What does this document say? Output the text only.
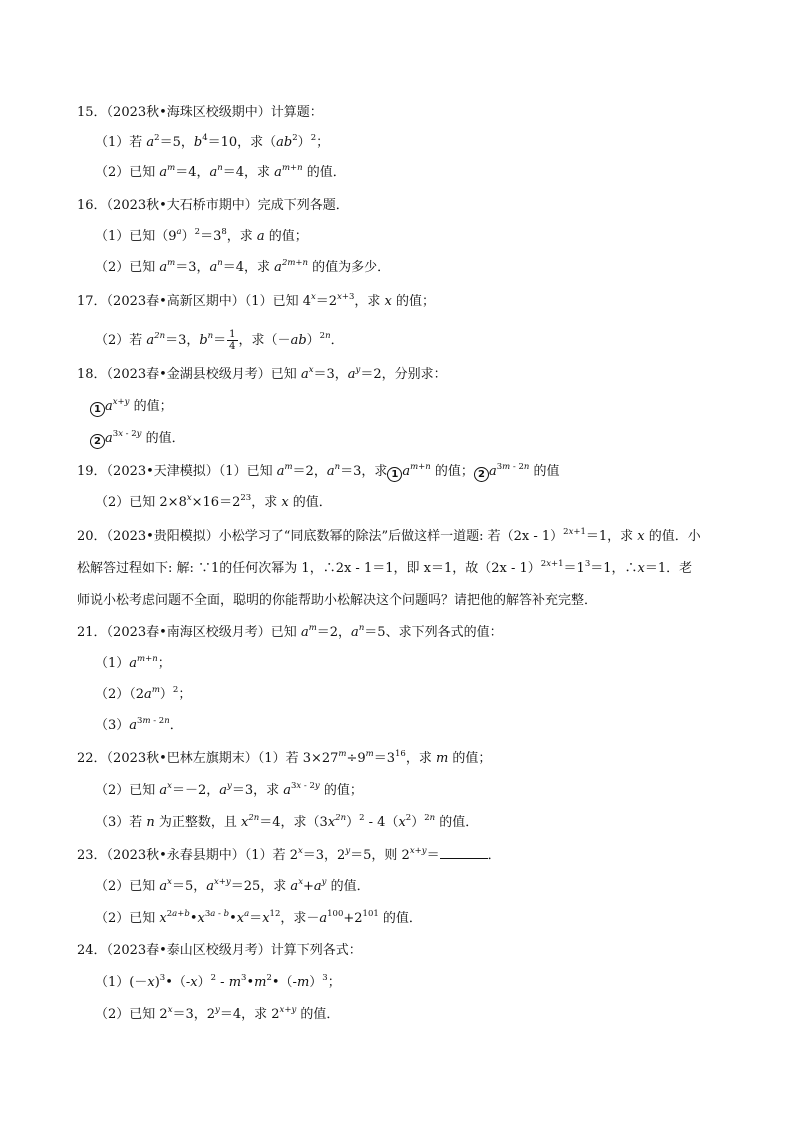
15．（2023秋•海珠区校级期中）计算题：
（1）若 $a^2=5$，$b^4=10$，求$(ab^2)^2$；
（2）已知 $a^m=4$，$a^n=4$，求 $a^{m+n}$ 的值．
16．（2023秋•大石桥市期中）完成下列各题．
（1）已知$(9^a)^2=3^8$，求 a 的值；
（2）已知 $a^m=3$，$a^n=4$，求 $a^{2m+n}$ 的值为多少．
17．（2023春•高新区期中）（1）已知 $4^x=2^{x+3}$，求 x 的值；
（2）若 $a^{2n}=3$，$b^n= \frac{1}{4}$ ，求$(-ab)^{2n}$．
18．（2023春•金湖县校级月考）已知 $a^x=3$，$a^y=2$，分别求：
1 $a^{x+y}$ 的值；
2 $a^{3x - 2y}$ 的值．
19．（2023•天津模拟）（1）已知 $a^m=2$，$a^n=3$，求 1 $a^{m+n}$ 的值； 2 $a^{3m - 2n}$ 的值
（2）已知 $2\times 8^x\times 16=2^{23}$，求 x 的值．
20．（2023•贵阳模拟）小松学习了“同底数幂的除法”后做这样一道题: 若（2x - 1）$^{2x+1}$＝1，求 x 的值．小
松解答过程如下: 解: ∵1的任何次幂为 1，∴2x - 1＝1，即 x＝1，故$(2x - 1)^{2x+1}=1^3=1$，∴x＝1．老
师说小松考虑问题不全面，聪明的你能帮助小松解决这个问题吗？请把他的解答补充完整．
21．（2023春•南海区校级月考）已知 $a^m=2$，$a^n=5$、求下列各式的值：
$(1)a^{m+n}$；
$(2)(2a^m)^2$；
$(3)a^{3m - 2n}$．
22．（2023秋•巴林左旗期末）（1）若 $3\times 27^m\div 9^m=3^{16}$，求 m 的值；
（2）已知 $a^x=-2$，$a^y=3$，求 $a^{3x - 2y}$ 的值；
（3）若 n 为正整数，且 $x^{2n}=4$，求$(3x^{2n})^2 - 4(x^2)^{2n}$ 的值．
23．（2023秋•永春县期中）（1）若 $2^x=3$，$2^y=5$，则 $2^{x+y}=$	．
（2）已知 $a^x=5$，$a^{x+y}=25$，求 $a^x+a^y$ 的值．
（2）已知 $x^{2a+b}•x^{3a - b}•x^a=x^{12}$，求$-a^{100}+2^{101}$ 的值．
24．（2023春•泰山区校级月考）计算下列各式：
$(1)(-x)^3•(-x)^2$ - $m^3•m^2•(-m)^3$；
（2）已知 $2^x=3$，$2^y=4$，求 $2^{x+y}$ 的值．
